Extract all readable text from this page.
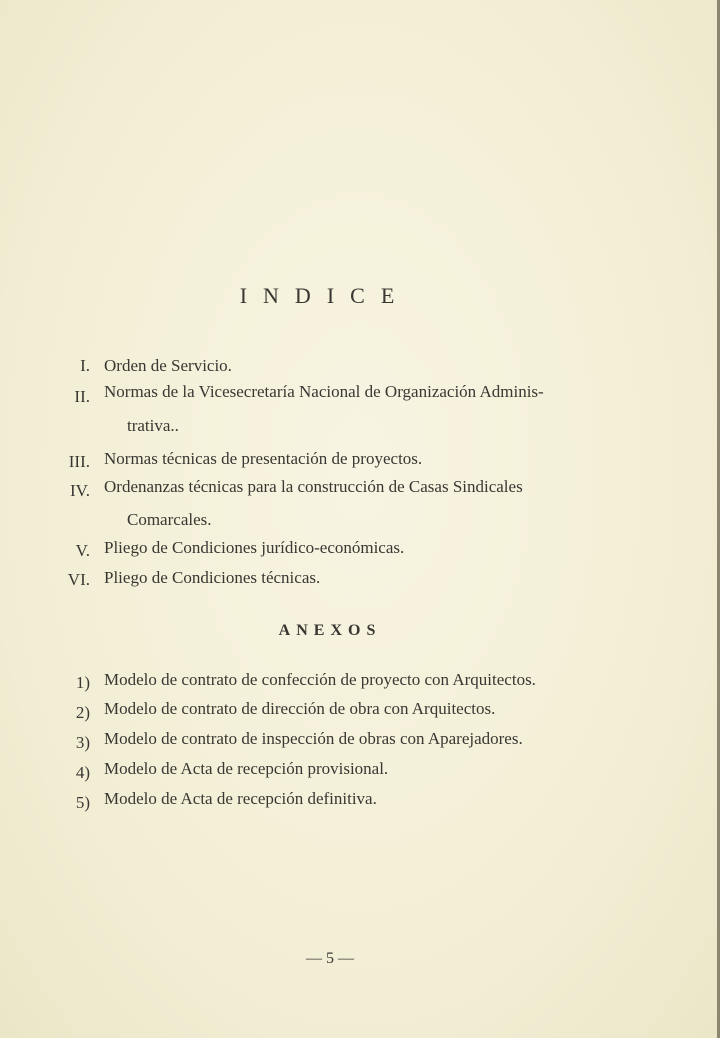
INDICE
I. Orden de Servicio.
II. Normas de la Vicesecretaría Nacional de Organización Adminis-
trativa..
III. Normas técnicas de presentación de proyectos.
IV. Ordenanzas técnicas para la construcción de Casas Sindicales
Comarcales.
V. Pliego de Condiciones jurídico-económicas.
VI. Pliego de Condiciones técnicas.
ANEXOS
1) Modelo de contrato de confección de proyecto con Arquitectos.
2) Modelo de contrato de dirección de obra con Arquitectos.
3) Modelo de contrato de inspección de obras con Aparejadores.
4) Modelo de Acta de recepción provisional.
5) Modelo de Acta de recepción definitiva.
— 5 —
